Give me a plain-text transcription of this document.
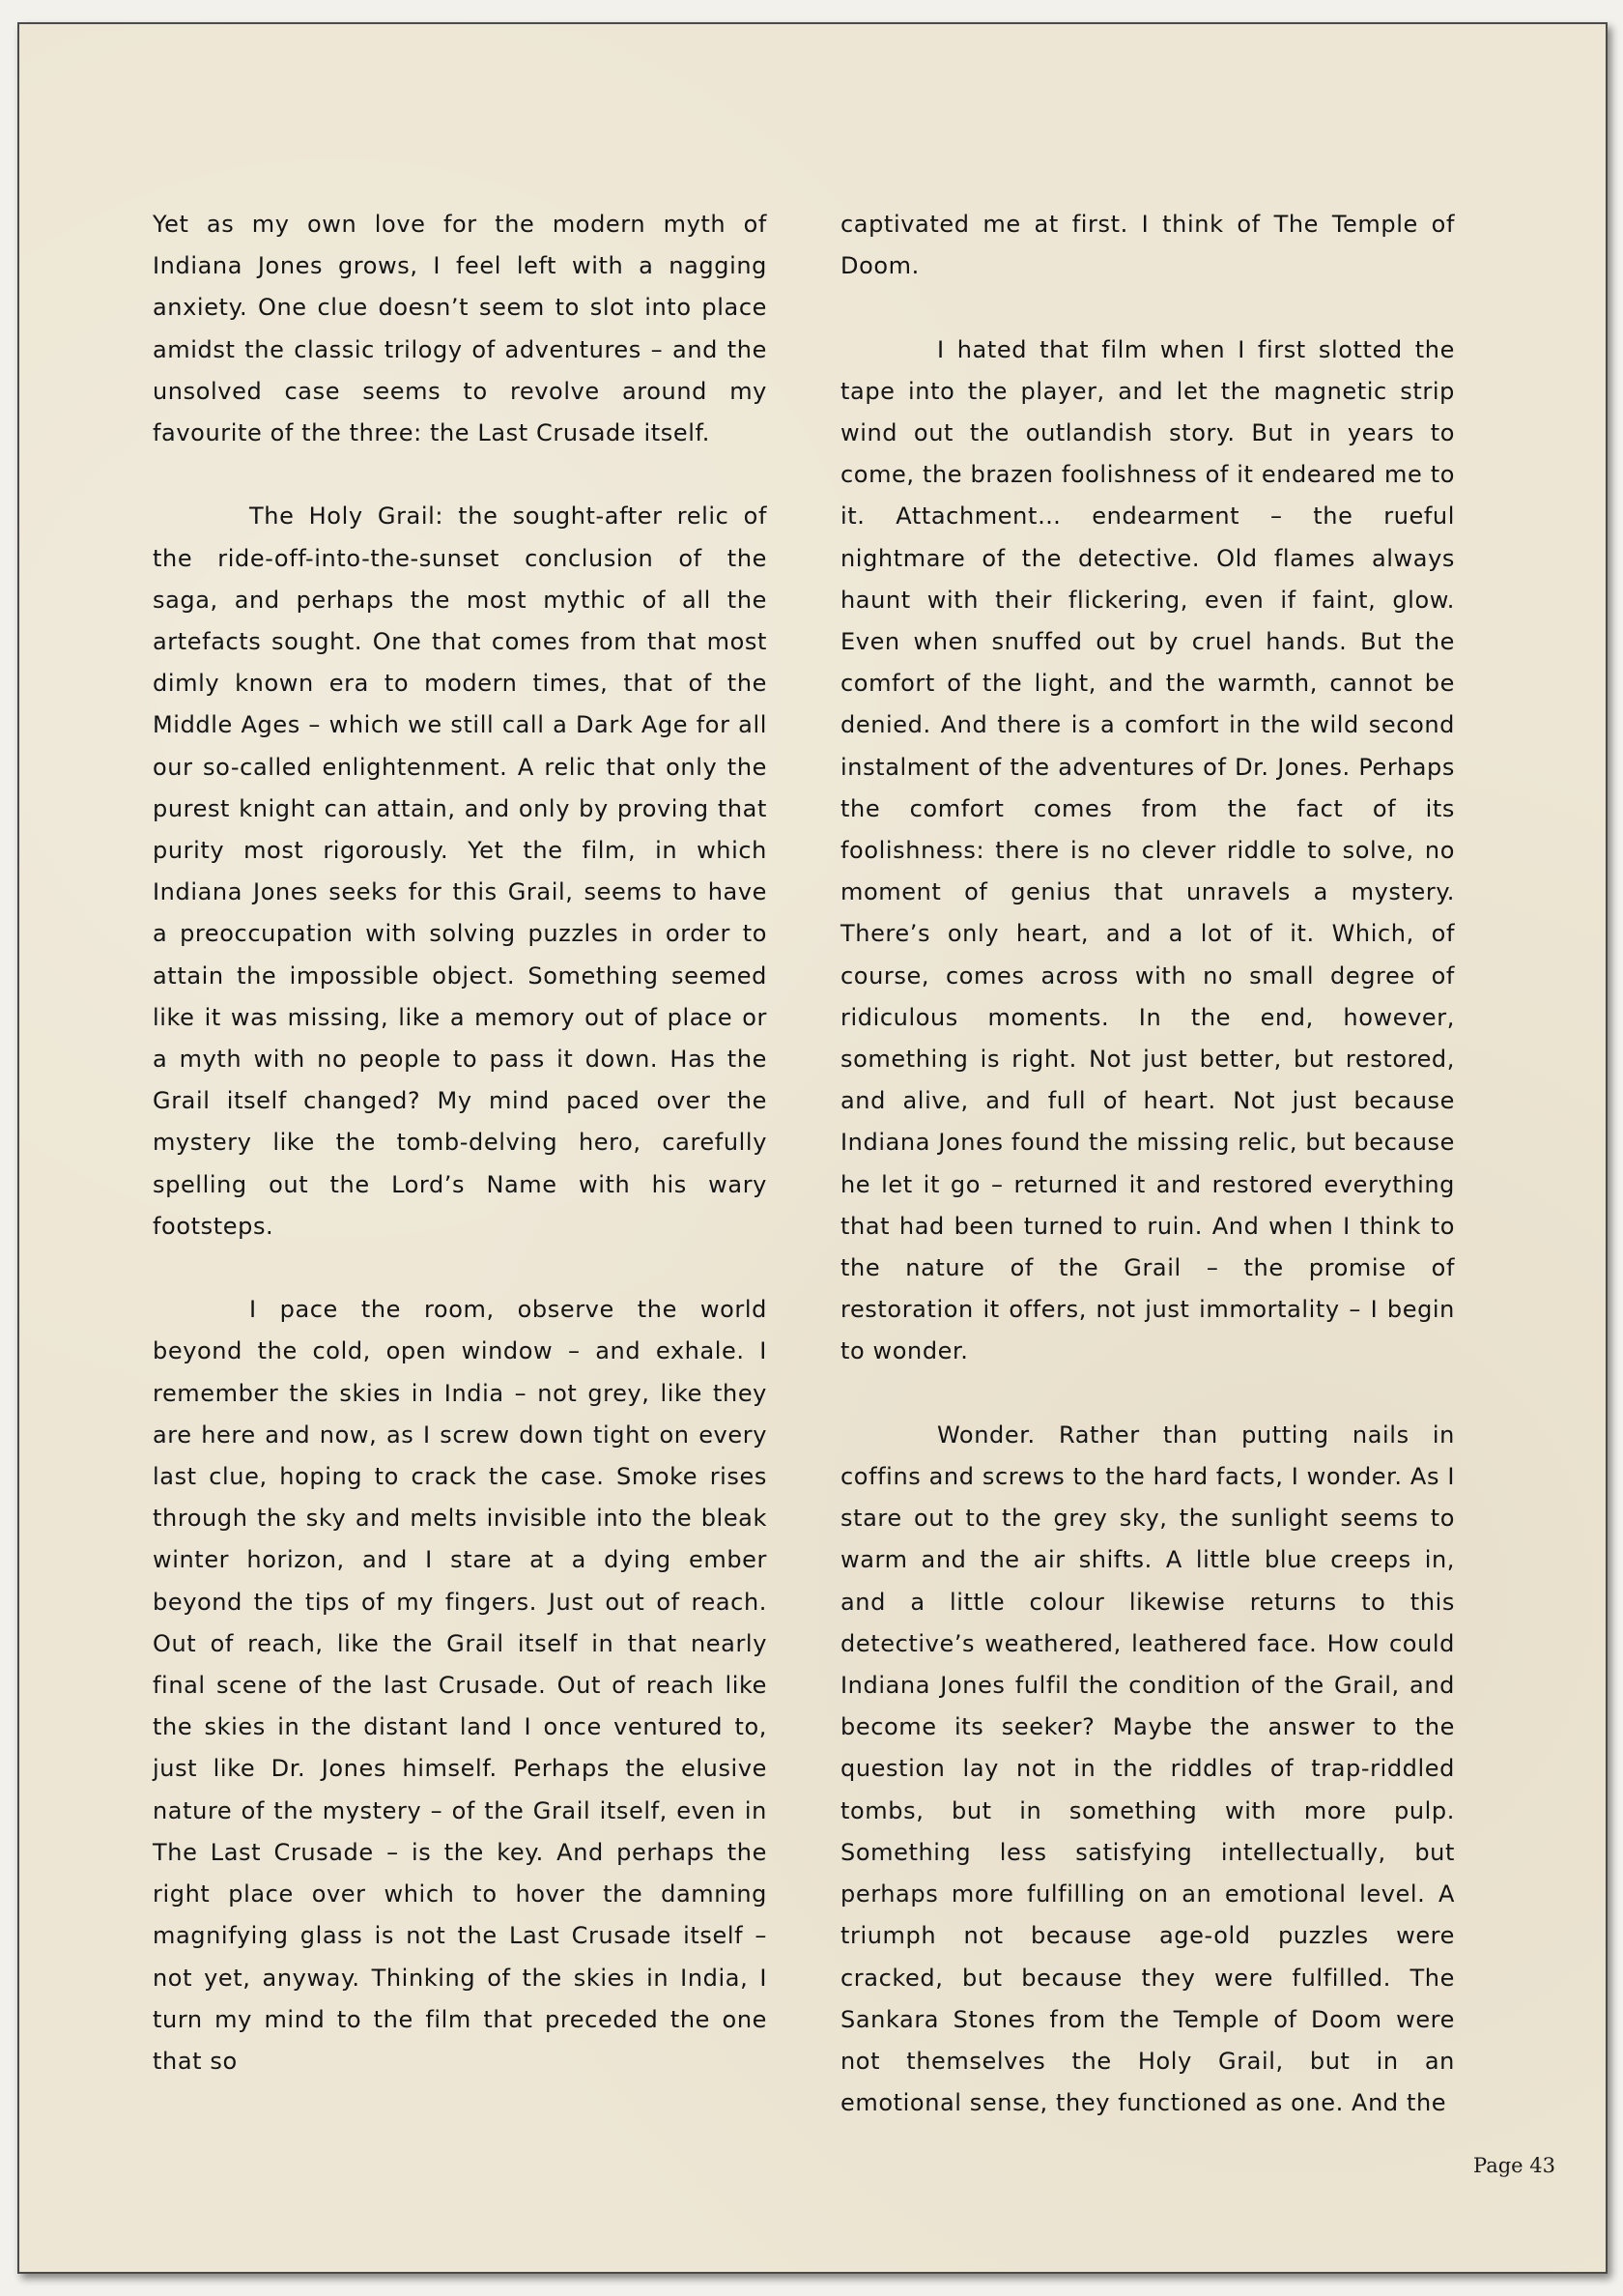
Yet as my own love for the modern myth of Indiana Jones grows, I feel left with a nagging anxiety. One clue doesn’t seem to slot into place amidst the classic trilogy of adventures – and the unsolved case seems to revolve around my favourite of the three: the Last Crusade itself.

The Holy Grail: the sought-after relic of the ride-off-into-the-sunset conclusion of the saga, and perhaps the most mythic of all the artefacts sought. One that comes from that most dimly known era to modern times, that of the Middle Ages – which we still call a Dark Age for all our so-called enlightenment. A relic that only the purest knight can attain, and only by proving that purity most rigorously. Yet the film, in which Indiana Jones seeks for this Grail, seems to have a preoccupation with solving puzzles in order to attain the impossible object. Something seemed like it was missing, like a memory out of place or a myth with no people to pass it down. Has the Grail itself changed? My mind paced over the mystery like the tomb-delving hero, carefully spelling out the Lord’s Name with his wary footsteps.

I pace the room, observe the world beyond the cold, open window – and exhale. I remember the skies in India – not grey, like they are here and now, as I screw down tight on every last clue, hoping to crack the case. Smoke rises through the sky and melts invisible into the bleak winter horizon, and I stare at a dying ember beyond the tips of my fingers. Just out of reach. Out of reach, like the Grail itself in that nearly final scene of the last Crusade. Out of reach like the skies in the distant land I once ventured to, just like Dr. Jones himself. Perhaps the elusive nature of the mystery – of the Grail itself, even in The Last Crusade – is the key. And perhaps the right place over which to hover the damning magnifying glass is not the Last Crusade itself – not yet, anyway. Thinking of the skies in India, I turn my mind to the film that preceded the one that so

captivated me at first. I think of The Temple of Doom.

I hated that film when I first slotted the tape into the player, and let the magnetic strip wind out the outlandish story. But in years to come, the brazen foolishness of it endeared me to it. Attachment… endearment – the rueful nightmare of the detective. Old flames always haunt with their flickering, even if faint, glow. Even when snuffed out by cruel hands. But the comfort of the light, and the warmth, cannot be denied. And there is a comfort in the wild second instalment of the adventures of Dr. Jones. Perhaps the comfort comes from the fact of its foolishness: there is no clever riddle to solve, no moment of genius that unravels a mystery. There’s only heart, and a lot of it. Which, of course, comes across with no small degree of ridiculous moments. In the end, however, something is right. Not just better, but restored, and alive, and full of heart. Not just because Indiana Jones found the missing relic, but because he let it go – returned it and restored everything that had been turned to ruin. And when I think to the nature of the Grail – the promise of restoration it offers, not just immortality – I begin to wonder.

Wonder. Rather than putting nails in coffins and screws to the hard facts, I wonder. As I stare out to the grey sky, the sunlight seems to warm and the air shifts. A little blue creeps in, and a little colour likewise returns to this detective’s weathered, leathered face. How could Indiana Jones fulfil the condition of the Grail, and become its seeker? Maybe the answer to the question lay not in the riddles of trap-riddled tombs, but in something with more pulp. Something less satisfying intellectually, but perhaps more fulfilling on an emotional level. A triumph not because age-old puzzles were cracked, but because they were fulfilled. The Sankara Stones from the Temple of Doom were not themselves the Holy Grail, but in an emotional sense, they functioned as one. And the

Page 43
